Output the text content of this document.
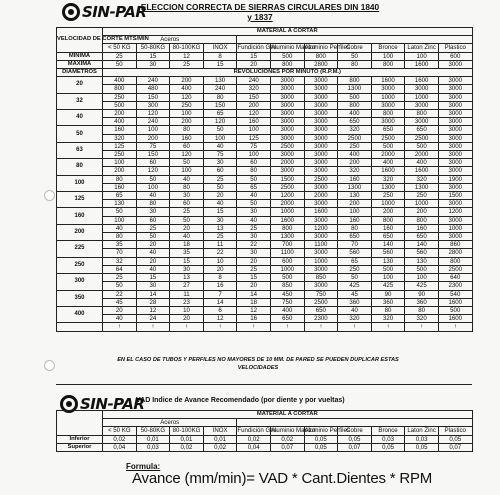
SIN-PAR
ELECCION CORRECTA DE SIERRAS CIRCULARES DIN 1840 y 1837
VELOCIDAD DE CORTE MTS/MIN	MATERIAL A CORTAR										
	Aceros										
	< 50 KG	50-80KG	80-100KG	INOX	Fundición Gris	Aluminio Macizo	Aluminio Perfiles	Cobre	Bronce	Laton Zinc	Plastico
MINIMA	25	15	12	8	15	500	800	50	100	100	600
MAXIMA	50	30	25	15	20	800	2800	80	800	1600	3000
DIAMETROS	REVOLUCIONES POR MINUTO (R.P.M.)										
20	400	240	200	130	240	3000	3000	800	1600	1600	3000
	800	480	400	240	320	3000	3000	1300	3000	3000	3000
32	250	150	120	80	150	3000	3000	500	1000	1000	3000
	500	300	250	150	200	3000	3000	800	3000	3000	3000
40	200	120	100	65	120	3000	3000	400	800	800	3000
	400	240	200	120	160	3000	3000	650	3000	3000	3000
50	160	100	80	50	100	3000	3000	320	650	650	3000
	320	200	160	100	125	3000	3000	2500	2500	2500	3000
63	125	75	60	40	75	2500	3000	250	500	500	3000
	250	150	120	75	100	3000	3000	400	2000	2000	3000
80	100	60	50	30	60	2000	3000	200	400	400	3000
	200	120	100	60	80	3000	3000	320	1600	1600	3000
100	80	50	40	25	50	1500	2500	160	320	320	1900
	160	100	80	50	65	2500	3000	1300	1300	1300	3000
125	65	40	30	20	40	1200	2000	130	250	250	1500
	130	80	60	40	50	2000	3000	200	1000	1000	3000
160	50	30	25	15	30	1000	1600	100	200	200	1200
	100	60	50	30	40	1600	3000	160	800	800	3000
200	40	25	20	13	25	800	1200	80	160	160	1000
	80	50	40	25	30	1300	3000	650	650	650	3000
225	35	20	18	11	22	700	1100	70	140	140	860
	70	40	35	22	30	1100	3000	560	560	560	2800
250	32	20	15	10	20	600	1000	65	130	130	800
	64	40	30	20	25	1000	3000	250	500	500	2500
300	25	15	13	8	15	500	850	50	100	100	640
	50	30	27	16	20	850	3000	425	425	425	2300
350	22	14	11	7	14	450	750	45	90	90	540
	45	28	23	14	18	750	2500	360	360	360	1600
400	20	12	10	6	12	400	650	40	80	80	500
	40	24	20	12	16	650	2300	320	320	320	1600
	↑	↑	↑	↑	↑	↑	↑	↑	↑	↑	↑
EN EL CASO DE TUBOS Y PERFILES NO MAYORES DE 10 MM. DE PARED SE PUEDEN DUPLICAR ESTAS VELOCIDADES
SIN-PAR
VAD Indice de Avance Recomendado (por diente y por vueltas)
	MATERIAL A CORTAR										
	Aceros										
	< 50 KG	50-80KG	80-100KG	INOX	Fundición Gris	Aluminio Macizo	Aluminio Perfiles	Cobre	Bronce	Laton Zinc	Plastico
Inferior	0,02	0,01	0,01	0,01	0,02	0,02	0,05	0,05	0,03	0,03	0,05
Superior	0,04	0,03	0,02	0,02	0,04	0,07	0,05	0,07	0,05	0,05	0,07
Formula:
Avance (mm/min)= VAD * Cant.Dientes * RPM
